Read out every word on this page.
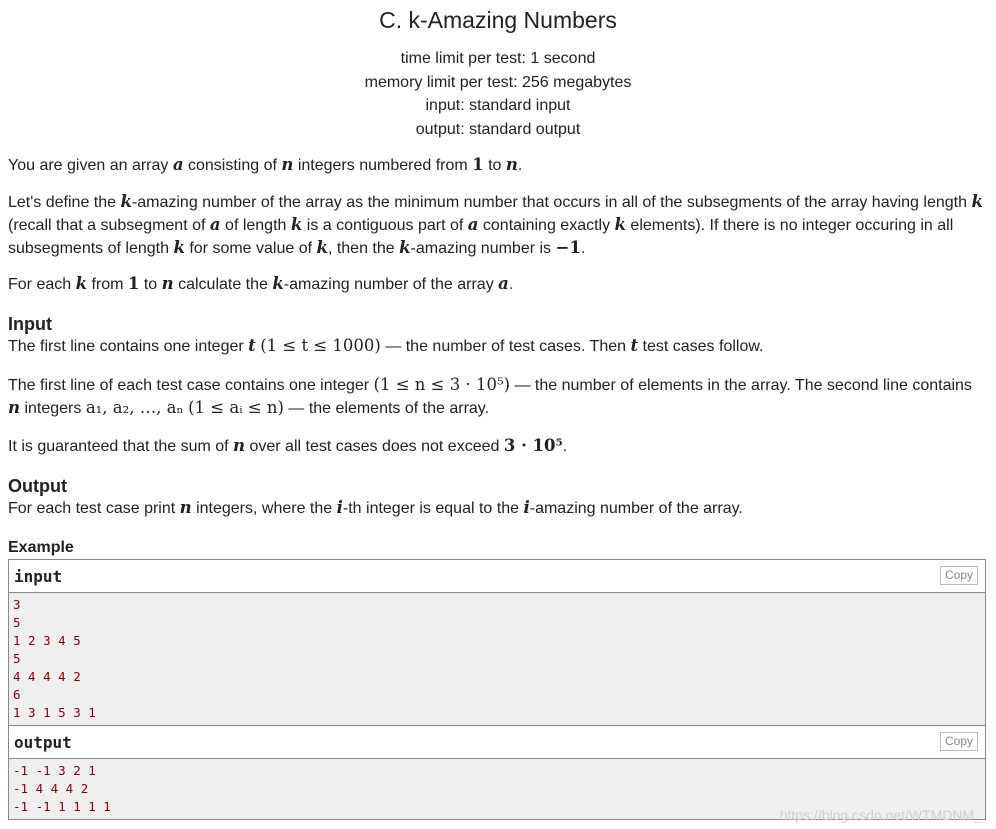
C. k-Amazing Numbers
time limit per test: 1 second
memory limit per test: 256 megabytes
input: standard input
output: standard output

You are given an array a consisting of n integers numbered from 1 to n.

Let's define the k-amazing number of the array as the minimum number that occurs in all of the subsegments of the array having length k

(recall that a subsegment of a of length k is a contiguous part of a containing exactly k elements). If there is no integer occuring in all

subsegments of length k for some value of k, then the k-amazing number is −1.

For each k from 1 to n calculate the k-amazing number of the array a.

Input

The first line contains one integer t (1 ≤ t ≤ 1000) — the number of test cases. Then t test cases follow.

The first line of each test case contains one integer (1 ≤ n ≤ 3 · 10⁵) — the number of elements in the array. The second line contains

n integers a₁, a₂, …, aₙ (1 ≤ aᵢ ≤ n) — the elements of the array.

It is guaranteed that the sum of n over all test cases does not exceed 3 · 10⁵.

Output

For each test case print n integers, where the i-th integer is equal to the i-amazing number of the array.

Example
input	Copy
3
5
1 2 3 4 5
5
4 4 4 4 2
6
1 3 1 5 3 1
output	Copy
-1 -1 3 2 1
-1 4 4 4 2
-1 -1 1 1 1 1
https://blog.csdn.net/WTMDNM_
